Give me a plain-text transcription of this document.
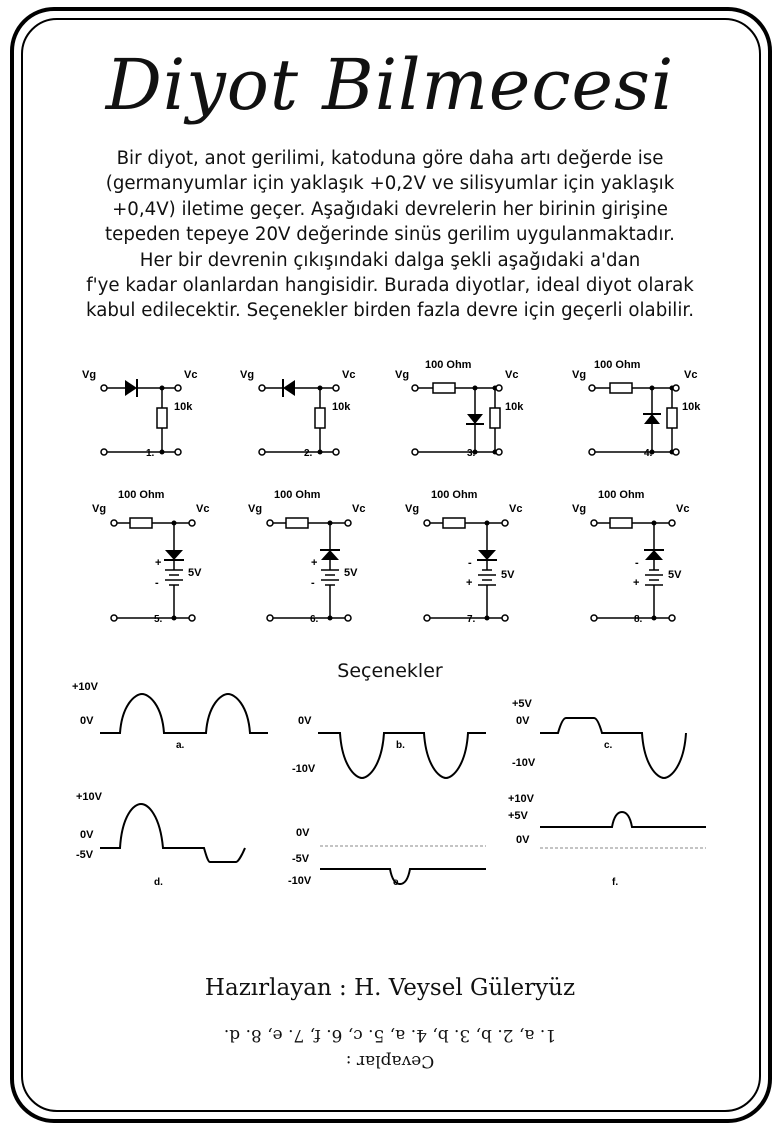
Diyot Bilmecesi
Bir diyot, anot gerilimi, katoduna göre daha artı değerde ise
(germanyumlar için yaklaşık +0,2V ve silisyumlar için yaklaşık
+0,4V) iletime geçer. Aşağıdaki devrelerin her birinin girişine
tepeden tepeye 20V değerinde sinüs gerilim uygulanmaktadır.
Her bir devrenin çıkışındaki dalga şekli aşağıdaki a'dan
f'ye kadar olanlardan hangisidir. Burada diyotlar, ideal diyot olarak
kabul edilecektir. Seçenekler birden fazla devre için geçerli olabilir.
Vg	Vc
10k
1.
Vg	Vc
10k
2.
100 Ohm
Vg	Vc
10k
3.
100 Ohm
Vg	Vc
10k
4.
100 Ohm
Vg	Vc
+
-
5V
5.
100 Ohm
Vg	Vc
+
-
5V
6.
100 Ohm
Vg	Vc
-
+
5V
7.
100 Ohm
Vg	Vc
-
+
5V
8.
+10V
0V
a.
0V
-10V
b.
+5V
0V
-10V
c.
+10V
0V
-5V
d.
0V
-5V
-10V	e.
+10V
+5V
0V
f.
Seçenekler
Hazırlayan : H. Veysel Güleryüz
Cevaplar :
1. a, 2. b, 3. b, 4. a, 5. c, 6. f, 7. e, 8. d.
